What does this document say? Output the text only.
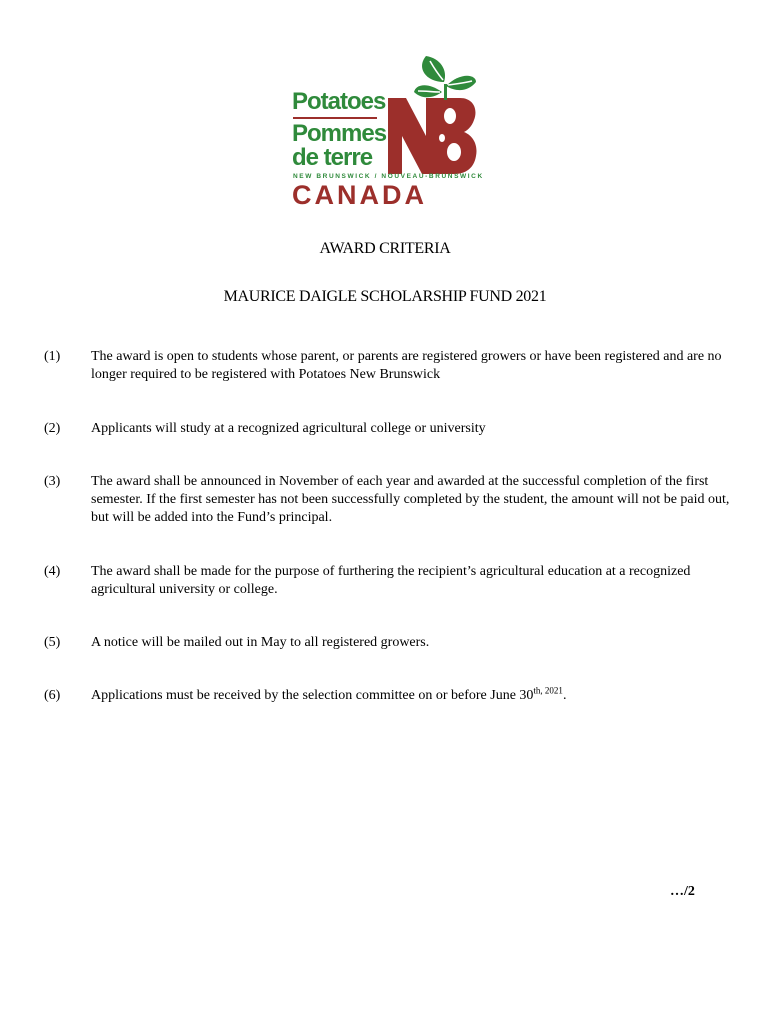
Potatoes
Pommes
de terre
NEW BRUNSWICK / NOUVEAU-BRUNSWICK
CANADA
AWARD CRITERIA
MAURICE DAIGLE SCHOLARSHIP FUND 2021
(1) The award is open to students whose parent, or parents are registered growers or have been registered and are no longer required to be registered with Potatoes New Brunswick
(2) Applicants will study at a recognized agricultural college or university
(3) The award shall be announced in November of each year and awarded at the successful completion of the first semester. If the first semester has not been successfully completed by the student, the amount will not be paid out, but will be added into the Fund’s principal.
(4) The award shall be made for the purpose of furthering the recipient’s agricultural education at a recognized agricultural university or college.
(5) A notice will be mailed out in May to all registered growers.
(6) Applications must be received by the selection committee on or before June $30^{th, 2021}$.
…/2
